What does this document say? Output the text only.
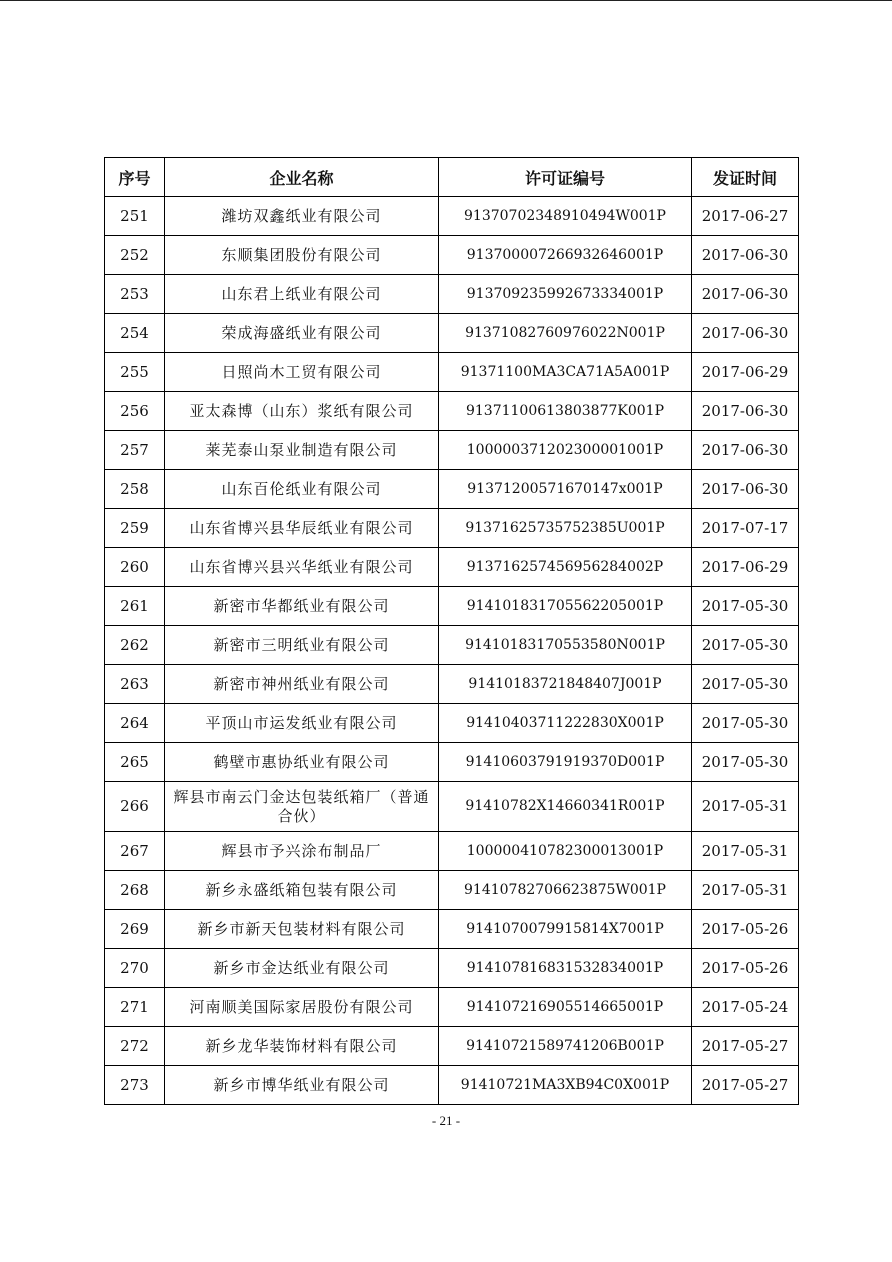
序号	企业名称	许可证编号	发证时间
251	潍坊双鑫纸业有限公司	91370702348910494W001P	2017-06-27
252	东顺集团股份有限公司	913700007266932646001P	2017-06-30
253	山东君上纸业有限公司	913709235992673334001P	2017-06-30
254	荣成海盛纸业有限公司	91371082760976022N001P	2017-06-30
255	日照尚木工贸有限公司	91371100MA3CA71A5A001P	2017-06-29
256	亚太森博（山东）浆纸有限公司	91371100613803877K001P	2017-06-30
257	莱芜泰山泵业制造有限公司	100000371202300001001P	2017-06-30
258	山东百伦纸业有限公司	91371200571670147x001P	2017-06-30
259	山东省博兴县华辰纸业有限公司	91371625735752385U001P	2017-07-17
260	山东省博兴县兴华纸业有限公司	913716257456956284002P	2017-06-29
261	新密市华都纸业有限公司	914101831705562205001P	2017-05-30
262	新密市三明纸业有限公司	91410183170553580N001P	2017-05-30
263	新密市神州纸业有限公司	91410183721848407J001P	2017-05-30
264	平顶山市运发纸业有限公司	91410403711222830X001P	2017-05-30
265	鹤壁市惠协纸业有限公司	91410603791919370D001P	2017-05-30
266	辉县市南云门金达包装纸箱厂（普通合伙）	91410782X14660341R001P	2017-05-31
267	辉县市予兴涂布制品厂	100000410782300013001P	2017-05-31
268	新乡永盛纸箱包装有限公司	91410782706623875W001P	2017-05-31
269	新乡市新天包装材料有限公司	9141070079915814X7001P	2017-05-26
270	新乡市金达纸业有限公司	914107816831532834001P	2017-05-26
271	河南顺美国际家居股份有限公司	914107216905514665001P	2017-05-24
272	新乡龙华装饰材料有限公司	91410721589741206B001P	2017-05-27
273	新乡市博华纸业有限公司	91410721MA3XB94C0X001P	2017-05-27
- 21 -
